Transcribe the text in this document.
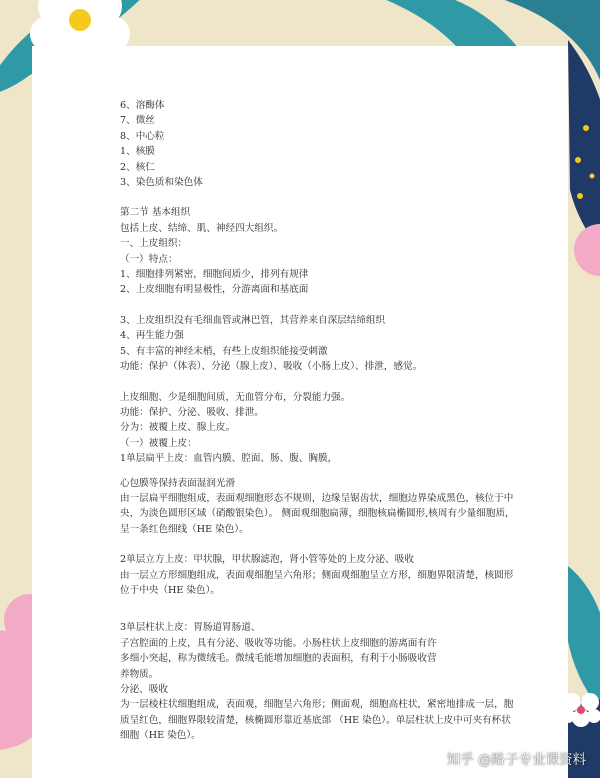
6、溶酶体
7、微丝
8、中心粒
1、核膜
2、核仁
3、染色质和染色体
第二节 基本组织
包括上皮、结缔、肌、神经四大组织。
一、上皮组织：
（一）特点：
1、细胞排列紧密，细胞间质少，排列有规律
2、上皮细胞有明显极性，分游离面和基底面
3、上皮组织没有毛细血管或淋巴管，其营养来自深层结缔组织
4、再生能力强
5、有丰富的神经末梢，有些上皮组织能接受刺激
功能：保护（体表）、分泌（腺上皮）、吸收（小肠上皮）、排泄，感觉。
上皮细胞、少是细胞间质，无血管分布，分裂能力强。
功能：保护、分泌、吸收、排泄。
分为：被覆上皮、腺上皮。
（一）被覆上皮：
1单层扁平上皮：血管内膜、腔面、肠、腹、胸膜，
心包膜等保持表面湿润光滑
由一层扁平细胞组成，表面观细胞形态不规则，边缘呈锯齿状，细胞边界染成黑色，核位于中央，为淡色圆形区域（硝酸银染色）。 侧面观细胞扁薄，细胞核扁椭圆形,核周有少量细胞质，呈一条红色细线（HE 染色）。
2单层立方上皮：甲状腺，甲状腺滤泡，肾小管等处的上皮分泌、吸收
由一层立方形细胞组成，表面观细胞呈六角形；侧面观细胞呈立方形，细胞界限清楚，核圆形位于中央（HE 染色）。
3单层柱状上皮：胃肠道胃肠道、
子宫腔面的上皮，具有分泌、吸收等功能。小肠柱状上皮细胞的游离面有许
多细小突起，称为微绒毛。微绒毛能增加细胞的表面积，有利于小肠吸收营
养物质。
分泌、吸收
为一层棱柱状细胞组成，表面观，细胞呈六角形；侧面观，细胞高柱状，紧密地排成一层，胞质呈红色，细胞界限较清楚，核椭圆形靠近基底部 （HE 染色）。单层柱状上皮中可夹有杯状细胞（HE 染色）。
知乎 @路子专业课资料
